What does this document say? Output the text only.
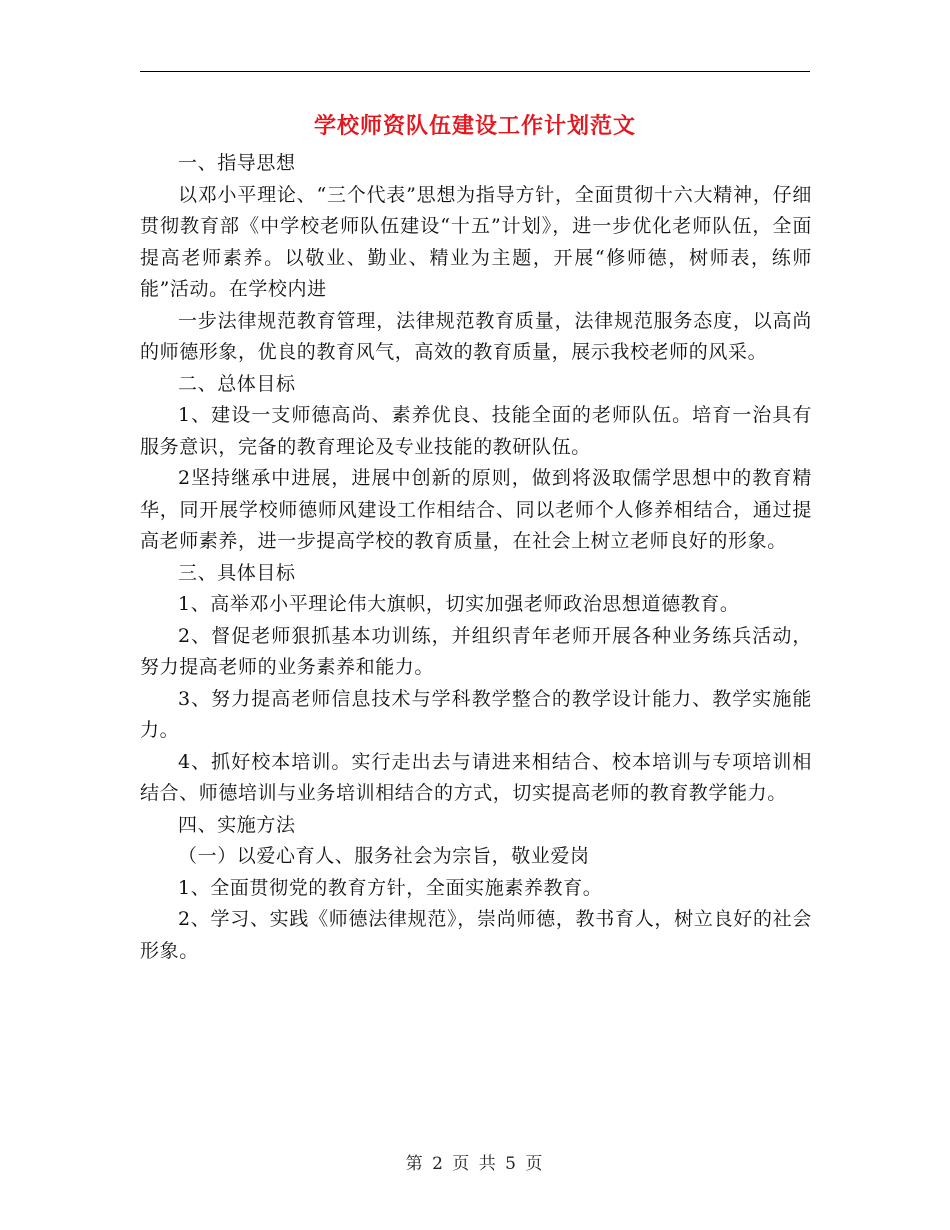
学校师资队伍建设工作计划范文

一、指导思想

以邓小平理论、“三个代表”思想为指导方针，全面贯彻十六大精神，仔细贯彻教育部《中学校老师队伍建设“十五”计划》，进一步优化老师队伍，全面提高老师素养。以敬业、勤业、精业为主题，开展“修师德，树师表，练师能”活动。在学校内进

一步法律规范教育管理，法律规范教育质量，法律规范服务态度，以高尚的师德形象，优良的教育风气，高效的教育质量，展示我校老师的风采。

二、总体目标

1、建设一支师德高尚、素养优良、技能全面的老师队伍。培育一治具有服务意识，完备的教育理论及专业技能的教研队伍。

2坚持继承中进展，进展中创新的原则，做到将汲取儒学思想中的教育精华，同开展学校师德师风建设工作相结合、同以老师个人修养相结合，通过提高老师素养，进一步提高学校的教育质量，在社会上树立老师良好的形象。

三、具体目标

1、高举邓小平理论伟大旗帜，切实加强老师政治思想道德教育。

2、督促老师狠抓基本功训练，并组织青年老师开展各种业务练兵活动，努力提高老师的业务素养和能力。

3、努力提高老师信息技术与学科教学整合的教学设计能力、教学实施能力。

4、抓好校本培训。实行走出去与请进来相结合、校本培训与专项培训相结合、师德培训与业务培训相结合的方式，切实提高老师的教育教学能力。

四、实施方法

（一）以爱心育人、服务社会为宗旨，敬业爱岗

1、全面贯彻党的教育方针，全面实施素养教育。

2、学习、实践《师德法律规范》，崇尚师德，教书育人，树立良好的社会形象。

第 2 页 共 5 页
